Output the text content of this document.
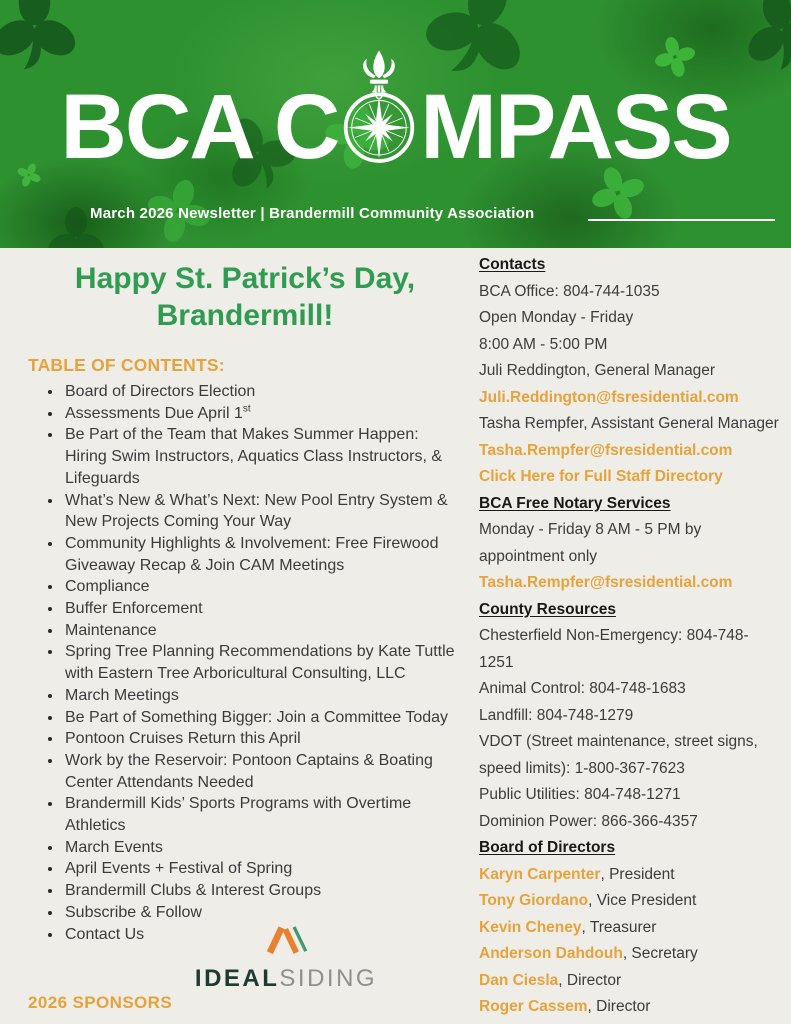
BCA C MPASS
March 2026 Newsletter | Brandermill Community Association
Happy St. Patrick’s Day,
Brandermill!
TABLE OF CONTENTS:
• Board of Directors Election
• Assessments Due April 1st
• Be Part of the Team that Makes Summer Happen: Hiring Swim Instructors, Aquatics Class Instructors, & Lifeguards
• What’s New & What’s Next: New Pool Entry System & New Projects Coming Your Way
• Community Highlights & Involvement: Free Firewood Giveaway Recap & Join CAM Meetings
• Compliance
• Buffer Enforcement
• Maintenance
• Spring Tree Planning Recommendations by Kate Tuttle with Eastern Tree Arboricultural Consulting, LLC
• March Meetings
• Be Part of Something Bigger: Join a Committee Today
• Pontoon Cruises Return this April
• Work by the Reservoir: Pontoon Captains & Boating Center Attendants Needed
• Brandermill Kids’ Sports Programs with Overtime Athletics
• March Events
• April Events + Festival of Spring
• Brandermill Clubs & Interest Groups
• Subscribe & Follow
• Contact Us
2026 SPONSORS
IDEALSIDING
Contacts
BCA Office: 804-744-1035
Open Monday - Friday
8:00 AM - 5:00 PM
Juli Reddington, General Manager
Juli.Reddington@fsresidential.com
Tasha Rempfer, Assistant General Manager
Tasha.Rempfer@fsresidential.com
Click Here for Full Staff Directory
BCA Free Notary Services
Monday - Friday 8 AM - 5 PM by appointment only
Tasha.Rempfer@fsresidential.com
County Resources
Chesterfield Non-Emergency: 804-748-1251
Animal Control: 804-748-1683
Landfill: 804-748-1279
VDOT (Street maintenance, street signs, speed limits): 1-800-367-7623
Public Utilities: 804-748-1271
Dominion Power: 866-366-4357
Board of Directors
Karyn Carpenter, President
Tony Giordano, Vice President
Kevin Cheney, Treasurer
Anderson Dahdouh, Secretary
Dan Ciesla, Director
Roger Cassem, Director
